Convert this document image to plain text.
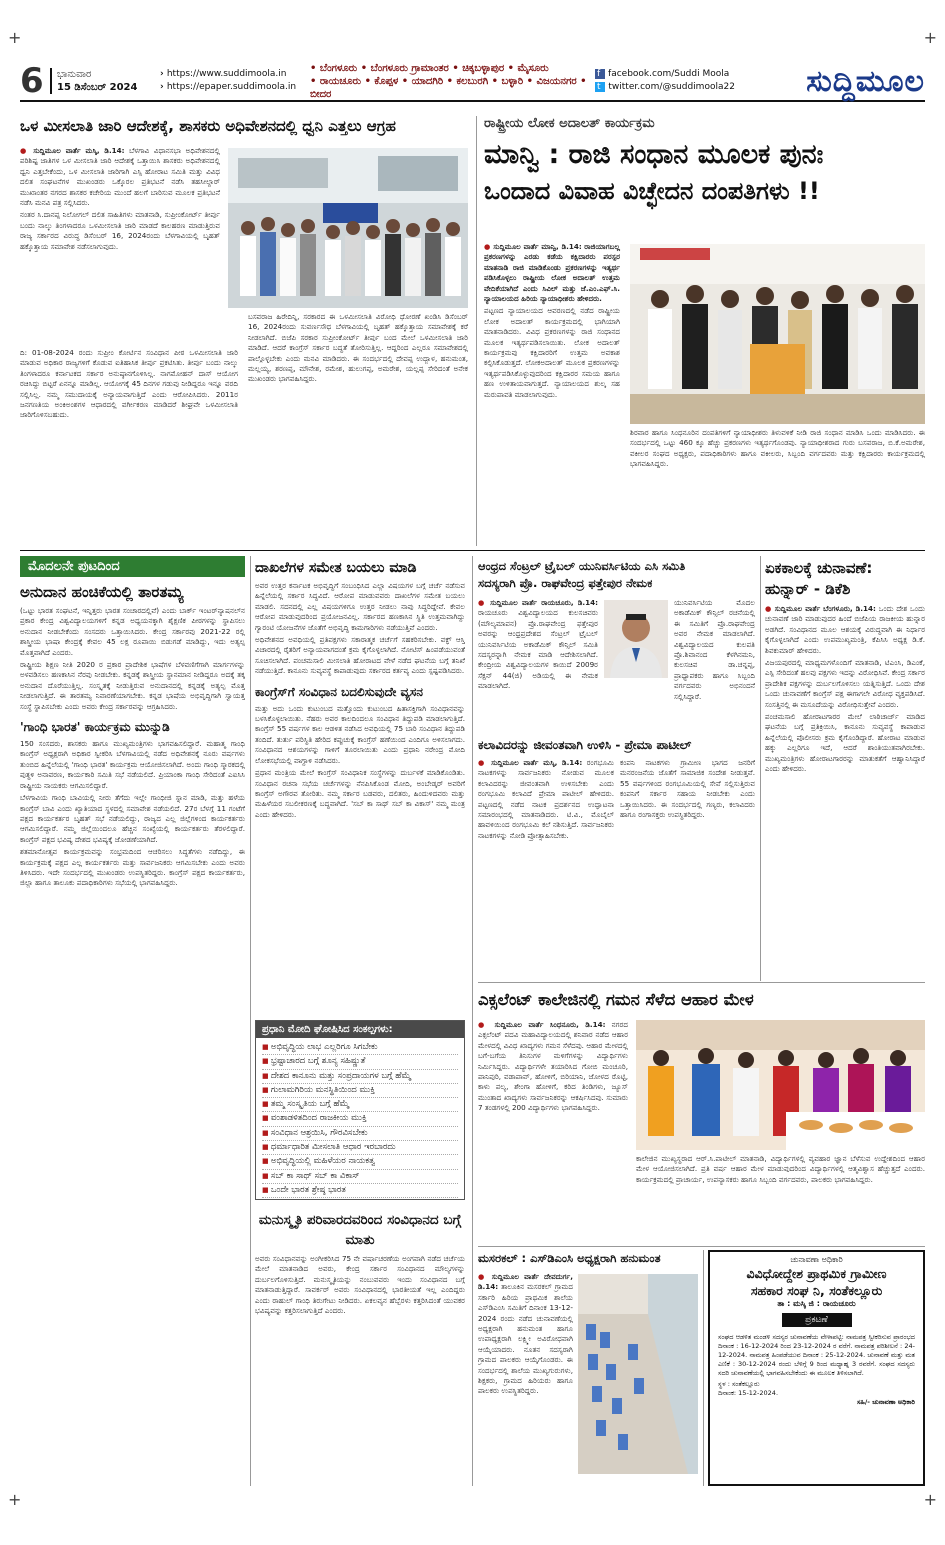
+	+
+	+
6	ಭಾನುವಾರ
15 ಡಿಸೆಂಬರ್ 2024
› https://www.suddimoola.in
› https://epaper.suddimoola.in
• ಬೆಂಗಳೂರು • ಬೆಂಗಳೂರು ಗ್ರಾಮಾಂತರ • ಚಿಕ್ಕಬಳ್ಳಾಪುರ • ಮೈಸೂರು
• ರಾಯಚೂರು • ಕೊಪ್ಪಳ • ಯಾದಗಿರಿ • ಕಲಬುರಗಿ • ಬಳ್ಳಾರಿ • ವಿಜಯನಗರ • ಬೀದರ
f facebook.com/Suddi Moola
t twitter.com/@suddimoola22	ಸುದ್ದಿಮೂಲ
ಒಳ ಮೀಸಲಾತಿ ಜಾರಿ ಆದೇಶಕ್ಕೆ, ಶಾಸಕರು ಅಧಿವೇಶನದಲ್ಲಿ ಧ್ವನಿ ಎತ್ತಲು ಆಗ್ರಹ
● ಸುದ್ದಿಮೂಲ ವಾರ್ತೆ ಮಸ್ಕಿ, ಡಿ.14: ಬೆಳಗಾವಿ ವಿಧಾನಸಭಾ ಅಧಿವೇಶನದಲ್ಲಿ ಪರಿಶಿಷ್ಟ ಜಾತಿಗಳ ಒಳ ಮೀಸಲಾತಿ ಜಾರಿ ಆದೇಶಕ್ಕೆ ಒತ್ತಾಯಿಸಿ ಶಾಸಕರು ಅಧಿವೇಶನದಲ್ಲಿ ಧ್ವನಿ ಎತ್ತಬೇಕೆಂದು, ಒಳ ಮೀಸಲಾತಿ ಜಾರಿಗಾಗಿ ಎಸ್ಸಿ ಹೋರಾಟ ಸಮಿತಿ ಮತ್ತು ವಿವಿಧ ದಲಿತ ಸಂಘಟನೆಗಳ ಮುಖಂಡರು ಒಕ್ಕೊರಲ ಪ್ರತಿಭಟನೆ ನಡೆಸಿ ತಹಸೀಲ್ದಾರ್ ಮುಖಾಂತರ ನಗರದ ಶಾಸಕರ ಕಚೇರಿಯ ಮುಂದೆ ಹಲಗೆ ಬಾರಿಸುವ ಮೂಲಕ ಪ್ರತಿಭಟನೆ ನಡೆಸಿ ಮನವಿ ಪತ್ರ ಸಲ್ಲಿಸಿದರು.

ನಂತರ ಸಿ.ದಾನಪ್ಪ ನಿಲೋಗಲ್ ದಲಿತ ಸಾಹಿತಿಗಳು ಮಾತನಾಡಿ, ಸುಪ್ರೀಂಕೋರ್ಟ್ ತೀರ್ಪು ಬಂದು ನಾಲ್ಕು ತಿಂಗಳಾದರೂ ಒಳಮೀಸಲಾತಿ ಜಾರಿ ಮಾಡದೆ ಕಾಲಹರಣ ಮಾಡುತ್ತಿರುವ ರಾಜ್ಯ ಸರ್ಕಾರದ ವಿರುದ್ಧ ಡಿಸೆಂಬರ್ 16, 2024ರಂದು ಬೆಳಗಾವಿಯಲ್ಲಿ ಬೃಹತ್ ಹಕ್ಕೊತ್ತಾಯ ಸಮಾವೇಶ ನಡೆಸಲಾಗುವುದು.

ದಿ: 01-08-2024 ರಂದು ಸುಪ್ರೀಂ ಕೋರ್ಟಿನ ಸಂವಿಧಾನ ಪೀಠ ಒಳಮೀಸಲಾತಿ ಜಾರಿ ಮಾಡುವ ಅಧಿಕಾರ ರಾಜ್ಯಗಳಿಗೆ ಕೊಡುವ ಐತಿಹಾಸಿಕ ತೀರ್ಪು ಪ್ರಕಟಿಸಿತು. ತೀರ್ಪು ಬಂದು ನಾಲ್ಕು ತಿಂಗಳಾದರೂ ಕರ್ನಾಟಕದ ಸರ್ಕಾರ ಅನುಷ್ಠಾನಗೊಳಿಸಿಲ್ಲ. ನಾಗಮೋಹನ್ ದಾಸ್ ಆಯೋಗ ರಚಿಸಿದ್ದು ಬಿಟ್ಟರೆ ಏನನ್ನೂ ಮಾಡಿಲ್ಲ. ಆಯೋಗಕ್ಕೆ 45 ದಿನಗಳ ಗಡುವು ನೀಡಿದ್ದರೂ ಇನ್ನೂ ವರದಿ ಸಲ್ಲಿಸಿಲ್ಲ. ನಮ್ಮ ಸಮುದಾಯಕ್ಕೆ ಅನ್ಯಾಯವಾಗುತ್ತಿದೆ ಎಂದು ಆರೋಪಿಸಿದರು. 2011ರ ಜನಗಣತಿಯ ಅಂಕಿಅಂಶಗಳ ಆಧಾರದಲ್ಲಿ ವರ್ಗೀಕರಣ ಮಾಡಿದರೆ ಶೀಘ್ರವೇ ಒಳಮೀಸಲಾತಿ ಜಾರಿಗೊಳಿಸಬಹುದು.

ಬಸವರಾಜ ಹಿರೇದಿನ್ನಿ, ಸರಕಾರದ ಈ ಒಳಮೀಸಲಾತಿ ವಿರೋಧಿ ಧೋರಣೆ ಖಂಡಿಸಿ ಡಿಸೆಂಬರ್ 16, 2024ರಂದು ಸುವರ್ಣಸೌಧ ಬೆಳಗಾವಿಯಲ್ಲಿ ಬೃಹತ್ ಹಕ್ಕೊತ್ತಾಯ ಸಮಾವೇಶಕ್ಕೆ ಕರೆ ನೀಡಲಾಗಿದೆ. ಬಿಜೆಪಿ ಸರಕಾರ ಸುಪ್ರೀಂಕೋರ್ಟ್ ತೀರ್ಪು ಬಂದ ಮೇಲೆ ಒಳಮೀಸಲಾತಿ ಜಾರಿ ಮಾಡಿದೆ. ಆದರೆ ಕಾಂಗ್ರೆಸ್ ಸರ್ಕಾರ ಬದ್ಧತೆ ತೋರಿಸುತ್ತಿಲ್ಲ. ಆದ್ದರಿಂದ ಎಲ್ಲರೂ ಸಮಾವೇಶದಲ್ಲಿ ಪಾಲ್ಗೊಳ್ಳಬೇಕು ಎಂದು ಮನವಿ ಮಾಡಿದರು. ಈ ಸಂದರ್ಭದಲ್ಲಿ ದೇವಪ್ಪ ಉದ್ಬಾಳ, ಹನುಮಂತ, ಮಲ್ಲಯ್ಯ, ಶರಣಪ್ಪ, ಮೌನೇಶ, ರಮೇಶ, ಹುಲುಗಪ್ಪ, ಅಮರೇಶ, ಯಲ್ಲಪ್ಪ ಸೇರಿದಂತೆ ಅನೇಕ ಮುಖಂಡರು ಭಾಗವಹಿಸಿದ್ದರು.

ರಾಷ್ಟ್ರೀಯ ಲೋಕ ಅದಾಲತ್ ಕಾರ್ಯಕ್ರಮ
ಮಾನ್ವಿ : ರಾಜಿ ಸಂಧಾನ ಮೂಲಕ ಪುನಃ
ಒಂದಾದ ವಿವಾಹ ವಿಚ್ಛೇದನ ದಂಪತಿಗಳು !!
● ಸುದ್ದಿಮೂಲ ವಾರ್ತೆ ಮಾನ್ವಿ, ಡಿ.14: ರಾಜಿಯಾಗಬಲ್ಲ ಪ್ರಕರಣಗಳನ್ನು ಎರಡು ಕಡೆಯ ಕಕ್ಷಿದಾರರು ಪರಸ್ಪರ ಮಾತನಾಡಿ ರಾಜಿ ಮಾಡಿಕೊಂಡು ಪ್ರಕರಣಗಳನ್ನು ಇತ್ಯರ್ಥ ಪಡಿಸಿಕೊಳ್ಳಲು ರಾಷ್ಟ್ರೀಯ ಲೋಕ ಅದಾಲತ್ ಉತ್ತಮ ವೇದಿಕೆಯಾಗಿದೆ ಎಂದು ಸಿವಿಲ್ ಮತ್ತು ಜೆ.ಎಂ.ಎಫ್.ಸಿ. ನ್ಯಾಯಾಲಯದ ಹಿರಿಯ ನ್ಯಾಯಾಧೀಶರು ಹೇಳಿದರು.

ಪಟ್ಟಣದ ನ್ಯಾಯಾಲಯದ ಆವರಣದಲ್ಲಿ ನಡೆದ ರಾಷ್ಟ್ರೀಯ ಲೋಕ ಅದಾಲತ್ ಕಾರ್ಯಕ್ರಮದಲ್ಲಿ ಭಾಗಿಯಾಗಿ ಮಾತನಾಡಿದರು. ವಿವಿಧ ಪ್ರಕರಣಗಳನ್ನು ರಾಜಿ ಸಂಧಾನದ ಮೂಲಕ ಇತ್ಯರ್ಥಪಡಿಸಲಾಯಿತು. ಲೋಕ ಅದಾಲತ್ ಕಾರ್ಯಕ್ರಮವು ಕಕ್ಷಿದಾರರಿಗೆ ಉತ್ತಮ ಅವಕಾಶ ಕಲ್ಪಿಸಿಕೊಡುತ್ತದೆ. ಲೋಕಅದಾಲತ್ ಮೂಲಕ ಪ್ರಕರಣಗಳನ್ನು ಇತ್ಯರ್ಥಪಡಿಸಿಕೊಳ್ಳುವುದರಿಂದ ಕಕ್ಷಿದಾರರ ಸಮಯ ಹಾಗೂ ಹಣ ಉಳಿತಾಯವಾಗುತ್ತದೆ. ನ್ಯಾಯಾಲಯದ ಶುಲ್ಕ ಸಹ ಮರುಪಾವತಿ ಮಾಡಲಾಗುವುದು.

ಶಿರವಾರ ಹಾಗೂ ಸಿಂಧನೂರಿನ ದಂಪತಿಗಳಿಗೆ ನ್ಯಾಯಾಧೀಶರು ತಿಳುವಳಿಕೆ ನೀಡಿ ರಾಜಿ ಸಂಧಾನ ಮಾಡಿಸಿ ಒಂದು ಮಾಡಿಸಿದರು. ಈ ಸಂದರ್ಭದಲ್ಲಿ ಒಟ್ಟು 460 ಕ್ಕೂ ಹೆಚ್ಚು ಪ್ರಕರಣಗಳು ಇತ್ಯರ್ಥಗೊಂಡವು. ನ್ಯಾಯಾಧೀಶರಾದ ಗುರು ಬಸವರಾಜ, ಬಿ.ಕೆ.ಅಮರೇಶ, ವಕೀಲರ ಸಂಘದ ಅಧ್ಯಕ್ಷರು, ಪದಾಧಿಕಾರಿಗಳು ಹಾಗೂ ವಕೀಲರು, ಸಿಬ್ಬಂದಿ ವರ್ಗದವರು ಮತ್ತು ಕಕ್ಷಿದಾರರು ಕಾರ್ಯಕ್ರಮದಲ್ಲಿ ಭಾಗವಹಿಸಿದ್ದರು.

ಮೊದಲನೇ ಪುಟದಿಂದ
ಅನುದಾನ ಹಂಚಿಕೆಯಲ್ಲಿ ತಾರತಮ್ಯ

(ಒಟ್ಟು ಭಾರತ ಸಂಘಟನೆ, ಇನ್ನಿತ್ತರು ಭಾರತ ಸಂಚಾರದಲ್ಲಿವೆ) ಎಂದು ಬಾರ್ಕ್ ಇಂಟರ್‌ನ್ಯಾಷನಲ್‌ನ ಪ್ರಕಾರ ಕೇಂದ್ರ ವಿಶ್ವವಿದ್ಯಾಲಯಗಳಿಗೆ ಕನ್ನಡ ಅಧ್ಯಯನಕ್ಕಾಗಿ ಶೈಕ್ಷಣಿಕ ಪೀಠಗಳನ್ನು ಸ್ಥಾಪಿಸಲು ಅನುದಾನ ನೀಡಬೇಕೆಂದು ಸಂಸದರು ಒತ್ತಾಯಿಸಿದರು. ಕೇಂದ್ರ ಸರ್ಕಾರವು 2021-22 ರಲ್ಲಿ ಶಾಸ್ತ್ರೀಯ ಭಾಷಾ ಕೇಂದ್ರಕ್ಕೆ ಕೇವಲ 45 ಲಕ್ಷ ರೂಪಾಯಿ ಬಿಡುಗಡೆ ಮಾಡಿದ್ದು, ಇದು ಅತ್ಯಲ್ಪ ಮೊತ್ತವಾಗಿದೆ ಎಂದರು.

ರಾಷ್ಟ್ರೀಯ ಶಿಕ್ಷಣ ನೀತಿ 2020 ರ ಪ್ರಕಾರ ಪ್ರಾದೇಶಿಕ ಭಾಷೆಗಳ ಬೆಳವಣಿಗೆಗಾಗಿ ಮಾರ್ಗಗಳನ್ನು ಅಳವಡಿಸಲು ಹಣಕಾಸಿನ ನೆರವು ನೀಡಬೇಕು. ಕನ್ನಡಕ್ಕೆ ಶಾಸ್ತ್ರೀಯ ಸ್ಥಾನಮಾನ ನೀಡಿದ್ದರೂ ಅದಕ್ಕೆ ತಕ್ಕ ಅನುದಾನ ದೊರೆಯುತ್ತಿಲ್ಲ. ಸಂಸ್ಕೃತಕ್ಕೆ ನೀಡುತ್ತಿರುವ ಅನುದಾನದಲ್ಲಿ ಕನ್ನಡಕ್ಕೆ ಅತ್ಯಲ್ಪ ಮೊತ್ತ ನೀಡಲಾಗುತ್ತಿದೆ. ಈ ತಾರತಮ್ಯ ನಿವಾರಣೆಯಾಗಬೇಕು. ಕನ್ನಡ ಭಾಷೆಯ ಅಭಿವೃದ್ಧಿಗಾಗಿ ಸ್ವಾಯತ್ತ ಸಂಸ್ಥೆ ಸ್ಥಾಪಿಸಬೇಕು ಎಂದು ಅವರು ಕೇಂದ್ರ ಸರ್ಕಾರವನ್ನು ಆಗ್ರಹಿಸಿದರು.

'ಗಾಂಧಿ ಭಾರತ' ಕಾರ್ಯಕ್ರಮ ಮುನ್ನುಡಿ

150 ಸಂಸದರು, ಶಾಸಕರು ಹಾಗೂ ಮುಖ್ಯಮಂತ್ರಿಗಳು ಭಾಗವಹಿಸಲಿದ್ದಾರೆ. ಮಹಾತ್ಮ ಗಾಂಧಿ ಕಾಂಗ್ರೆಸ್ ಅಧ್ಯಕ್ಷರಾಗಿ ಅಧಿಕಾರ ಸ್ವೀಕರಿಸಿ ಬೆಳಗಾವಿಯಲ್ಲಿ ನಡೆದ ಅಧಿವೇಶನಕ್ಕೆ ನೂರು ವರ್ಷಗಳು ತುಂಬಿದ ಹಿನ್ನೆಲೆಯಲ್ಲಿ 'ಗಾಂಧಿ ಭಾರತ' ಕಾರ್ಯಕ್ರಮ ಆಯೋಜಿಸಲಾಗಿದೆ. ಅಂದು ಗಾಂಧಿ ಸ್ಮಾರಕದಲ್ಲಿ ಪುತ್ಥಳಿ ಅನಾವರಣ, ಕಾರ್ಯಕಾರಿ ಸಮಿತಿ ಸಭೆ ನಡೆಯಲಿದೆ. ಪ್ರಿಯಾಂಕಾ ಗಾಂಧಿ ಸೇರಿದಂತೆ ಎಐಸಿಸಿ ರಾಷ್ಟ್ರೀಯ ನಾಯಕರು ಆಗಮಿಸಲಿದ್ದಾರೆ.

ಬೆಳಗಾವಿಯ ಗಾಂಧಿ ಬಾವಿಯಲ್ಲಿ ನೀರು ತೆಗೆದು ಇಲ್ಲೇ ಗಾಂಧೀಜಿ ಸ್ನಾನ ಮಾಡಿ, ಮತ್ತು ಹಳೆಯ ಕಾಂಗ್ರೆಸ್ ಬಾವಿ ಎಂದು ಖ್ಯಾತಿಯಾದ ಸ್ಥಳದಲ್ಲಿ ಸಮಾವೇಶ ನಡೆಯಲಿದೆ. 27ರ ಬೆಳಗ್ಗೆ 11 ಗಂಟೆಗೆ ಪಕ್ಷದ ಕಾರ್ಯಕರ್ತರ ಬೃಹತ್ ಸಭೆ ನಡೆಯಲಿದ್ದು, ರಾಜ್ಯದ ಎಲ್ಲ ಜಿಲ್ಲೆಗಳಿಂದ ಕಾರ್ಯಕರ್ತರು ಆಗಮಿಸಲಿದ್ದಾರೆ. ನಮ್ಮ ಜಿಲ್ಲೆಯಿಂದಲೂ ಹೆಚ್ಚಿನ ಸಂಖ್ಯೆಯಲ್ಲಿ ಕಾರ್ಯಕರ್ತರು ತೆರಳಲಿದ್ದಾರೆ. ಕಾಂಗ್ರೆಸ್ ಪಕ್ಷದ ಭವಿಷ್ಯ ದೇಶದ ಭವಿಷ್ಯಕ್ಕೆ ಜೋಡಣೆಯಾಗಿದೆ.

ಶತಮಾನೋತ್ಸವ ಕಾರ್ಯಕ್ರಮವನ್ನು ಸಂಭ್ರಮದಿಂದ ಆಚರಿಸಲು ಸಿದ್ಧತೆಗಳು ನಡೆದಿದ್ದು, ಈ ಕಾರ್ಯಕ್ರಮಕ್ಕೆ ಪಕ್ಷದ ಎಲ್ಲ ಕಾರ್ಯಕರ್ತರು ಮತ್ತು ಸಾರ್ವಜನಿಕರು ಆಗಮಿಸಬೇಕು ಎಂದು ಅವರು ತಿಳಿಸಿದರು. ಇದೇ ಸಂದರ್ಭದಲ್ಲಿ ಮುಖಂಡರು ಉಪಸ್ಥಿತರಿದ್ದರು. ಕಾಂಗ್ರೆಸ್ ಪಕ್ಷದ ಕಾರ್ಯಕರ್ತರು, ಜಿಲ್ಲಾ ಹಾಗೂ ತಾಲೂಕು ಪದಾಧಿಕಾರಿಗಳು ಸಭೆಯಲ್ಲಿ ಭಾಗವಹಿಸಿದ್ದರು.

ದಾಖಲೆಗಳ ಸಮೇತ ಬಯಲು ಮಾಡಿ

ಅವರ ಉತ್ತರ ಕರ್ನಾಟಕ ಅಭಿವೃದ್ಧಿಗೆ ಸಂಬಂಧಿಸಿದ ಎಲ್ಲಾ ವಿಷಯಗಳ ಬಗ್ಗೆ ಚರ್ಚೆ ನಡೆಸುವ ಹಿನ್ನೆಲೆಯಲ್ಲಿ ಸರ್ಕಾರ ಸಿದ್ಧವಿದೆ. ಆರೋಪ ಮಾಡುವವರು ದಾಖಲೆಗಳ ಸಮೇತ ಬಯಲು ಮಾಡಲಿ. ಸದನದಲ್ಲಿ ಎಲ್ಲ ವಿಷಯಗಳಿಗೂ ಉತ್ತರ ನೀಡಲು ನಾವು ಸಿದ್ಧರಿದ್ದೇವೆ. ಕೇವಲ ಆರೋಪ ಮಾಡುವುದರಿಂದ ಪ್ರಯೋಜನವಿಲ್ಲ. ಸರ್ಕಾರದ ಹಣಕಾಸಿನ ಸ್ಥಿತಿ ಉತ್ತಮವಾಗಿದ್ದು ಗ್ಯಾರಂಟಿ ಯೋಜನೆಗಳ ಜೊತೆಗೆ ಅಭಿವೃದ್ಧಿ ಕಾಮಗಾರಿಗಳು ನಡೆಯುತ್ತಿವೆ ಎಂದರು.

ಅಧಿವೇಶನದ ಅವಧಿಯಲ್ಲಿ ಪ್ರತಿಪಕ್ಷಗಳು ಸಕಾರಾತ್ಮಕ ಚರ್ಚೆಗೆ ಸಹಕರಿಸಬೇಕು. ವಕ್ಫ್ ಆಸ್ತಿ ವಿಚಾರದಲ್ಲಿ ರೈತರಿಗೆ ಅನ್ಯಾಯವಾಗದಂತೆ ಕ್ರಮ ಕೈಗೊಳ್ಳಲಾಗಿದೆ. ನೋಟಿಸ್ ಹಿಂಪಡೆಯುವಂತೆ ಸೂಚಿಸಲಾಗಿದೆ. ಪಂಚಮಸಾಲಿ ಮೀಸಲಾತಿ ಹೋರಾಟದ ವೇಳೆ ನಡೆದ ಘಟನೆಯ ಬಗ್ಗೆ ತನಿಖೆ ನಡೆಯುತ್ತಿದೆ. ಕಾನೂನು ಸುವ್ಯವಸ್ಥೆ ಕಾಪಾಡುವುದು ಸರ್ಕಾರದ ಕರ್ತವ್ಯ ಎಂದು ಸ್ಪಷ್ಟಪಡಿಸಿದರು.

ಕಾಂಗ್ರೆಸ್‌ಗೆ ಸಂವಿಧಾನ ಬದಲಿಸುವುದೇ ವ್ಯಸನ

ಮತ್ತು ಅದು ಒಂದು ಕುಟುಂಬದ ಮತ್ತೊಂದು ಕುಟುಂಬದ ಹಿತಾಸಕ್ತಿಗಾಗಿ ಸಂವಿಧಾನವನ್ನು ಬಳಸಿಕೊಳ್ಳಲಾಯಿತು. ನೆಹರು ಅವರ ಕಾಲದಿಂದಲೂ ಸಂವಿಧಾನ ತಿದ್ದುಪಡಿ ಮಾಡಲಾಗುತ್ತಿದೆ. ಕಾಂಗ್ರೆಸ್ 55 ವರ್ಷಗಳ ಕಾಲ ಆಡಳಿತ ನಡೆಸಿದ ಅವಧಿಯಲ್ಲಿ 75 ಬಾರಿ ಸಂವಿಧಾನ ತಿದ್ದುಪಡಿ ತಂದಿದೆ. ತುರ್ತು ಪರಿಸ್ಥಿತಿ ಹೇರಿದ ಕಪ್ಪುಚುಕ್ಕೆ ಕಾಂಗ್ರೆಸ್ ಹಣೆಯಿಂದ ಎಂದಿಗೂ ಅಳಿಸಲಾಗದು. ಸಂವಿಧಾನದ ಆಶಯಗಳನ್ನು ಗಾಳಿಗೆ ತೂರಲಾಯಿತು ಎಂದು ಪ್ರಧಾನಿ ನರೇಂದ್ರ ಮೋದಿ ಲೋಕಸಭೆಯಲ್ಲಿ ವಾಗ್ದಾಳಿ ನಡೆಸಿದರು.

ಪ್ರಧಾನ ಮಂತ್ರಿಯ ಮೇಲೆ ಕಾಂಗ್ರೆಸ್ ಸಂವಿಧಾನಿಕ ಸಂಸ್ಥೆಗಳನ್ನು ದುರ್ಬಳಕೆ ಮಾಡಿಕೊಂಡಿತು. ಸಂವಿಧಾನ ರಚನಾ ಸಭೆಯ ಚರ್ಚೆಗಳನ್ನು ನೆನಪಿಸಿಕೊಂಡ ಮೋದಿ, ಅಂಬೇಡ್ಕರ್ ಅವರಿಗೆ ಕಾಂಗ್ರೆಸ್ ಅಗೌರವ ತೋರಿತು. ನಮ್ಮ ಸರ್ಕಾರ ಬಡವರು, ದಲಿತರು, ಹಿಂದುಳಿದವರು ಮತ್ತು ಮಹಿಳೆಯರ ಸಬಲೀಕರಣಕ್ಕೆ ಬದ್ಧವಾಗಿದೆ. 'ಸಬ್ ಕಾ ಸಾಥ್ ಸಬ್ ಕಾ ವಿಕಾಸ್' ನಮ್ಮ ಮಂತ್ರ ಎಂದು ಹೇಳಿದರು.

ಪ್ರಧಾನಿ ಮೋದಿ ಘೋಷಿಸಿದ ಸಂಕಲ್ಪಗಳು:
■ ಅಭಿವೃದ್ಧಿಯ ಲಾಭ ಎಲ್ಲರಿಗೂ ಸಿಗಬೇಕು
■ ಭ್ರಷ್ಟಾಚಾರದ ಬಗ್ಗೆ ಶೂನ್ಯ ಸಹಿಷ್ಣುತೆ
■ ದೇಶದ ಕಾನೂನು ಮತ್ತು ಸಂಪ್ರದಾಯಗಳ ಬಗ್ಗೆ ಹೆಮ್ಮೆ
■ ಗುಲಾಮಗಿರಿಯ ಮನಸ್ಥಿತಿಯಿಂದ ಮುಕ್ತಿ
■ ತಮ್ಮ ಸಂಸ್ಕೃತಿಯ ಬಗ್ಗೆ ಹೆಮ್ಮೆ
■ ವಂಶಾಡಳಿತದಿಂದ ರಾಜಕೀಯ ಮುಕ್ತಿ
■ ಸಂವಿಧಾನ ಆಶ್ರಯಿಸಿ, ಗೌರವಿಸಬೇಕು
■ ಧರ್ಮಾಧಾರಿತ ಮೀಸಲಾತಿ ಆಧಾರ ಇರಬಾರದು
■ ಅಭಿವೃದ್ಧಿಯಲ್ಲಿ ಮಹಿಳೆಯರ ನಾಯಕತ್ವ
■ ಸಬ್ ಕಾ ಸಾಥ್ ಸಬ್ ಕಾ ವಿಕಾಸ್
■ ಒಂದೇ ಭಾರತ ಶ್ರೇಷ್ಠ ಭಾರತ
ಮನುಸ್ಮೃತಿ ಪರಿವಾರದವರಿಂದ ಸಂವಿಧಾನದ ಬಗ್ಗೆ ಮಾತು

ಅವರು ಸಂವಿಧಾನವನ್ನು ಅಂಗೀಕರಿಸಿದ 75 ನೇ ವರ್ಷಾಚರಣೆಯ ಅಂಗವಾಗಿ ನಡೆದ ಚರ್ಚೆಯ ಮೇಲೆ ಮಾತನಾಡಿದ ಅವರು, ಕೇಂದ್ರ ಸರ್ಕಾರ ಸಂವಿಧಾನದ ಮೌಲ್ಯಗಳನ್ನು ದುರ್ಬಲಗೊಳಿಸುತ್ತಿದೆ. ಮನುಸ್ಮೃತಿಯನ್ನು ನಂಬುವವರು ಇಂದು ಸಂವಿಧಾನದ ಬಗ್ಗೆ ಮಾತನಾಡುತ್ತಿದ್ದಾರೆ. ಸಾವರ್ಕರ್ ಅವರು ಸಂವಿಧಾನದಲ್ಲಿ ಭಾರತೀಯತೆ ಇಲ್ಲ ಎಂದಿದ್ದರು ಎಂದು ರಾಹುಲ್ ಗಾಂಧಿ ತಿರುಗೇಟು ನೀಡಿದರು. ಏಕಲವ್ಯನ ಹೆಬ್ಬೆರಳು ಕತ್ತರಿಸಿದಂತೆ ಯುವಕರ ಭವಿಷ್ಯವನ್ನು ಕತ್ತರಿಸಲಾಗುತ್ತಿದೆ ಎಂದರು.

ಆಂಧ್ರದ ಸೆಂಟ್ರಲ್ ಟ್ರೈಬಲ್ ಯುನಿವರ್ಸಿಟಿಯ ಎಸಿ ಸಮಿತಿ
ಸದಸ್ಯರಾಗಿ ಪ್ರೊ. ರಾಘವೇಂದ್ರ ಫತ್ತೇಪುರ ನೇಮಕ
● ಸುದ್ದಿಮೂಲ ವಾರ್ತೆ ರಾಯಚೂರು, ಡಿ.14: ರಾಯಚೂರು ವಿಶ್ವವಿದ್ಯಾಲಯದ ಕುಲಸಚಿವರು (ಮೌಲ್ಯಮಾಪನ) ಪ್ರೊ.ರಾಘವೇಂದ್ರ ಫತ್ತೇಪುರ ಅವರನ್ನು ಆಂಧ್ರಪ್ರದೇಶದ ಸೆಂಟ್ರಲ್ ಟ್ರೈಬಲ್ ಯುನಿವರ್ಸಿಟಿಯ ಅಕಾಡೆಮಿಕ್ ಕೌನ್ಸಿಲ್ ಸಮಿತಿ ಸದಸ್ಯರನ್ನಾಗಿ ನೇಮಕ ಮಾಡಿ ಆದೇಶಿಸಲಾಗಿದೆ. ಕೇಂದ್ರೀಯ ವಿಶ್ವವಿದ್ಯಾಲಯಗಳ ಕಾಯಿದೆ 2009ರ ಸೆಕ್ಷನ್ 44(ಜಿ) ಅಡಿಯಲ್ಲಿ ಈ ನೇಮಕ ಮಾಡಲಾಗಿದೆ.

ಯುನಿವರ್ಸಿಟಿಯ ಮೊದಲ ಅಕಾಡೆಮಿಕ್ ಕೌನ್ಸಿಲ್ ರಚನೆಯಲ್ಲಿ ಈ ಸಮಿತಿಗೆ ಪ್ರೊ.ರಾಘವೇಂದ್ರ ಅವರ ನೇಮಕ ಮಾಡಲಾಗಿದೆ. ವಿಶ್ವವಿದ್ಯಾಲಯದ ಕುಲಪತಿ ಪ್ರೊ.ಶಿವಾನಂದ ಕೆಳಗಿನಮನಿ, ಕುಲಸಚಿವ ಡಾ.ಚನ್ನಪ್ಪ, ಪ್ರಾಧ್ಯಾಪಕರು ಹಾಗೂ ಸಿಬ್ಬಂದಿ ವರ್ಗದವರು ಅಭಿನಂದನೆ ಸಲ್ಲಿಸಿದ್ದಾರೆ.

ಕಲಾವಿದರನ್ನು ಜೀವಂತವಾಗಿ ಉಳಿಸಿ - ಪ್ರೇಮಾ ಪಾಟೀಲ್
● ಸುದ್ದಿಮೂಲ ವಾರ್ತೆ ಮಸ್ಕಿ, ಡಿ.14: ರಂಗಭೂಮಿ ನಾಟಕಗಳನ್ನು ಸಾರ್ವಜನಿಕರು ನೋಡುವ ಮೂಲಕ ಕಲಾವಿದರನ್ನು ಜೀವಂತವಾಗಿ ಉಳಿಸಬೇಕು ಎಂದು ರಂಗಭೂಮಿ ಕಲಾವಿದೆ ಪ್ರೇಮಾ ಪಾಟೀಲ್ ಹೇಳಿದರು. ಪಟ್ಟಣದಲ್ಲಿ ನಡೆದ ನಾಟಕ ಪ್ರದರ್ಶನದ ಉದ್ಘಾಟನಾ ಸಮಾರಂಭದಲ್ಲಿ ಮಾತನಾಡಿದರು. ಟಿ.ವಿ., ಮೊಬೈಲ್ ಹಾವಳಿಯಿಂದ ರಂಗಭೂಮಿ ಕಲೆ ನಶಿಸುತ್ತಿದೆ. ಸಾರ್ವಜನಿಕರು ನಾಟಕಗಳನ್ನು ನೋಡಿ ಪ್ರೋತ್ಸಾಹಿಸಬೇಕು.

ಕಂಪನಿ ನಾಟಕಗಳು ಗ್ರಾಮೀಣ ಭಾಗದ ಜನರಿಗೆ ಮನರಂಜನೆಯ ಜೊತೆಗೆ ಸಾಮಾಜಿಕ ಸಂದೇಶ ನೀಡುತ್ತವೆ. 55 ವರ್ಷಗಳಿಂದ ರಂಗಭೂಮಿಯಲ್ಲಿ ಸೇವೆ ಸಲ್ಲಿಸುತ್ತಿರುವ ಕಂಪನಿಗೆ ಸರ್ಕಾರ ಸಹಾಯ ನೀಡಬೇಕು ಎಂದು ಒತ್ತಾಯಿಸಿದರು. ಈ ಸಂದರ್ಭದಲ್ಲಿ ಗಣ್ಯರು, ಕಲಾವಿದರು ಹಾಗೂ ರಂಗಾಸಕ್ತರು ಉಪಸ್ಥಿತರಿದ್ದರು.

ಏಕಕಾಲಕ್ಕೆ ಚುನಾವಣೆ:
ಹುನ್ನಾರ್ - ಡಿಕೆಶಿ
● ಸುದ್ದಿಮೂಲ ವಾರ್ತೆ ಬೆಂಗಳೂರು, ಡಿ.14: ಒಂದು ದೇಶ ಒಂದು ಚುನಾವಣೆ ಜಾರಿ ಮಾಡುವುದರ ಹಿಂದೆ ಬಿಜೆಪಿಯ ರಾಜಕೀಯ ಹುನ್ನಾರ ಅಡಗಿದೆ. ಸಂವಿಧಾನದ ಮೂಲ ಆಶಯಕ್ಕೆ ವಿರುದ್ಧವಾಗಿ ಈ ನಿರ್ಧಾರ ಕೈಗೊಳ್ಳಲಾಗಿದೆ ಎಂದು ಉಪಮುಖ್ಯಮಂತ್ರಿ, ಕೆಪಿಸಿಸಿ ಅಧ್ಯಕ್ಷ ಡಿ.ಕೆ. ಶಿವಕುಮಾರ್ ಹೇಳಿದರು.

ವಿಜಯಪುರದಲ್ಲಿ ಮಾಧ್ಯಮಗಳೊಂದಿಗೆ ಮಾತನಾಡಿ, ಟಿಎಂಸಿ, ಡಿಎಂಕೆ, ಎಸ್ಪಿ ಸೇರಿದಂತೆ ಹಲವು ಪಕ್ಷಗಳು ಇದನ್ನು ವಿರೋಧಿಸಿವೆ. ಕೇಂದ್ರ ಸರ್ಕಾರ ಪ್ರಾದೇಶಿಕ ಪಕ್ಷಗಳನ್ನು ದುರ್ಬಲಗೊಳಿಸಲು ಯತ್ನಿಸುತ್ತಿದೆ. ಒಂದು ದೇಶ ಒಂದು ಚುನಾವಣೆಗೆ ಕಾಂಗ್ರೆಸ್ ಪಕ್ಷ ಈಗಾಗಲೇ ವಿರೋಧ ವ್ಯಕ್ತಪಡಿಸಿದೆ. ಸಂಸತ್ತಿನಲ್ಲಿ ಈ ಮಸೂದೆಯನ್ನು ವಿರೋಧಿಸುತ್ತೇವೆ ಎಂದರು.

ಪಂಚಮಸಾಲಿ ಹೋರಾಟಗಾರರ ಮೇಲೆ ಲಾಠಿಚಾರ್ಜ್ ಮಾಡಿದ ಘಟನೆಯ ಬಗ್ಗೆ ಪ್ರತಿಕ್ರಿಯಿಸಿ, ಕಾನೂನು ಸುವ್ಯವಸ್ಥೆ ಕಾಪಾಡುವ ಹಿನ್ನೆಲೆಯಲ್ಲಿ ಪೊಲೀಸರು ಕ್ರಮ ಕೈಗೊಂಡಿದ್ದಾರೆ. ಹೋರಾಟ ಮಾಡುವ ಹಕ್ಕು ಎಲ್ಲರಿಗೂ ಇದೆ, ಆದರೆ ಶಾಂತಿಯುತವಾಗಿರಬೇಕು. ಮುಖ್ಯಮಂತ್ರಿಗಳು ಹೋರಾಟಗಾರರನ್ನು ಮಾತುಕತೆಗೆ ಆಹ್ವಾನಿಸಿದ್ದಾರೆ ಎಂದು ಹೇಳಿದರು.

ಎಕ್ಸಲೆಂಟ್ ಕಾಲೇಜಿನಲ್ಲಿ ಗಮನ ಸೆಳೆದ ಆಹಾರ ಮೇಳ
● ಸುದ್ದಿಮೂಲ ವಾರ್ತೆ ಸಿಂಧನೂರು, ಡಿ.14: ನಗರದ ಎಕ್ಸಲೆಂಟ್ ಪದವಿ ಮಹಾವಿದ್ಯಾಲಯದಲ್ಲಿ ಶನಿವಾರ ನಡೆದ ಆಹಾರ ಮೇಳದಲ್ಲಿ ವಿವಿಧ ಖಾದ್ಯಗಳು ಗಮನ ಸೆಳೆದವು. ಆಹಾರ ಮೇಳದಲ್ಲಿ ಬಗೆ-ಬಗೆಯ ತಿನಿಸುಗಳ ಮಳಿಗೆಗಳನ್ನು ವಿದ್ಯಾರ್ಥಿಗಳು ನಿರ್ಮಿಸಿದ್ದರು. ವಿದ್ಯಾರ್ಥಿಗಳೇ ತಯಾರಿಸಿದ ಗೋಬಿ ಮಂಚೂರಿ, ಪಾನಿಪುರಿ, ವಡಾಪಾವ್, ಹೋಳಿಗೆ, ಬಿರಿಯಾನಿ, ಜೋಳದ ರೊಟ್ಟಿ, ಕಾಳು ಪಲ್ಯ, ಶೇಂಗಾ ಹೋಳಿಗೆ, ಕರಿದ ತಿಂಡಿಗಳು, ಜ್ಯೂಸ್ ಮುಂತಾದ ಖಾದ್ಯಗಳು ಸಾರ್ವಜನಿಕರನ್ನು ಆಕರ್ಷಿಸಿದವು. ಸುಮಾರು 7 ತಂಡಗಳಲ್ಲಿ 200 ವಿದ್ಯಾರ್ಥಿಗಳು ಭಾಗವಹಿಸಿದ್ದರು.

ಕಾಲೇಜಿನ ಮುಖ್ಯಸ್ಥರಾದ ಆರ್.ಸಿ.ಪಾಟೀಲ್ ಮಾತನಾಡಿ, ವಿದ್ಯಾರ್ಥಿಗಳಲ್ಲಿ ವ್ಯವಹಾರ ಜ್ಞಾನ ಬೆಳೆಸುವ ಉದ್ದೇಶದಿಂದ ಆಹಾರ ಮೇಳ ಆಯೋಜಿಸಲಾಗಿದೆ. ಪ್ರತಿ ವರ್ಷ ಆಹಾರ ಮೇಳ ಮಾಡುವುದರಿಂದ ವಿದ್ಯಾರ್ಥಿಗಳಲ್ಲಿ ಆತ್ಮವಿಶ್ವಾಸ ಹೆಚ್ಚುತ್ತದೆ ಎಂದರು. ಕಾರ್ಯಕ್ರಮದಲ್ಲಿ ಪ್ರಾಚಾರ್ಯ, ಉಪನ್ಯಾಸಕರು ಹಾಗೂ ಸಿಬ್ಬಂದಿ ವರ್ಗದವರು, ಪಾಲಕರು ಭಾಗವಹಿಸಿದ್ದರು.

ಮಸರಕಲ್ : ಎಸ್‌ಡಿಎಂಸಿ ಅಧ್ಯಕ್ಷರಾಗಿ ಹನುಮಂತ
● ಸುದ್ದಿಮೂಲ ವಾರ್ತೆ ದೇವದುರ್ಗ, ಡಿ.14: ತಾಲೂಕಿನ ಮಸರಕಲ್ ಗ್ರಾಮದ ಸರ್ಕಾರಿ ಹಿರಿಯ ಪ್ರಾಥಮಿಕ ಶಾಲೆಯ ಎಸ್‌ಡಿಎಂಸಿ ಸಮಿತಿಗೆ ದಿನಾಂಕ 13-12-2024 ರಂದು ನಡೆದ ಚುನಾವಣೆಯಲ್ಲಿ ಅಧ್ಯಕ್ಷರಾಗಿ ಹನುಮಂತ ಹಾಗೂ ಉಪಾಧ್ಯಕ್ಷರಾಗಿ ಲಕ್ಷ್ಮೀ ಅವಿರೋಧವಾಗಿ ಆಯ್ಕೆಯಾದರು. ನೂತನ ಸದಸ್ಯರಾಗಿ ಗ್ರಾಮದ ಪಾಲಕರು ಆಯ್ಕೆಗೊಂಡರು. ಈ ಸಂದರ್ಭದಲ್ಲಿ ಶಾಲೆಯ ಮುಖ್ಯಗುರುಗಳು, ಶಿಕ್ಷಕರು, ಗ್ರಾಮದ ಹಿರಿಯರು ಹಾಗೂ ಪಾಲಕರು ಉಪಸ್ಥಿತರಿದ್ದರು.
ಚುನಾವಣಾ ಅಧಿಕಾರಿ
ವಿವಿಧೋದ್ದೇಶ ಪ್ರಾಥಮಿಕ ಗ್ರಾಮೀಣ
ಸಹಕಾರ ಸಂಘ ನಿ, ಸಂತೆಕಲ್ಲೂರು
ತಾ : ಮಸ್ಕಿ ಜಿ : ರಾಯಚೂರು
ಪ್ರಕಟಣೆ
ಸಂಘದ ಆಡಳಿತ ಮಂಡಳಿ ಸದಸ್ಯರ ಚುನಾವಣೆಯ ವೇಳಾಪಟ್ಟಿ: ನಾಮಪತ್ರ ಸ್ವೀಕರಿಸುವ ಪ್ರಾರಂಭದ ದಿನಾಂಕ : 16-12-2024 ರಿಂದ 23-12-2024 ರ ವರೆಗೆ. ನಾಮಪತ್ರ ಪರಿಶೀಲನೆ : 24-12-2024. ನಾಮಪತ್ರ ಹಿಂಪಡೆಯುವ ದಿನಾಂಕ : 25-12-2024. ಚುನಾವಣೆ ಮತ್ತು ಮತ ಎಣಿಕೆ : 30-12-2024 ರಂದು ಬೆಳಿಗ್ಗೆ 9 ರಿಂದ ಮಧ್ಯಾಹ್ನ 3 ರವರೆಗೆ. ಸಂಘದ ಸದಸ್ಯರು ಸದರಿ ಚುನಾವಣೆಯಲ್ಲಿ ಭಾಗವಹಿಸಬೇಕೆಂದು ಈ ಮೂಲಕ ತಿಳಿಸಲಾಗಿದೆ.
ಸ್ಥಳ : ಸಂತೆಕಲ್ಲೂರು
ದಿನಾಂಕ: 15-12-2024.
ಸಹಿ/- ಚುನಾವಣಾ ಅಧಿಕಾರಿ
